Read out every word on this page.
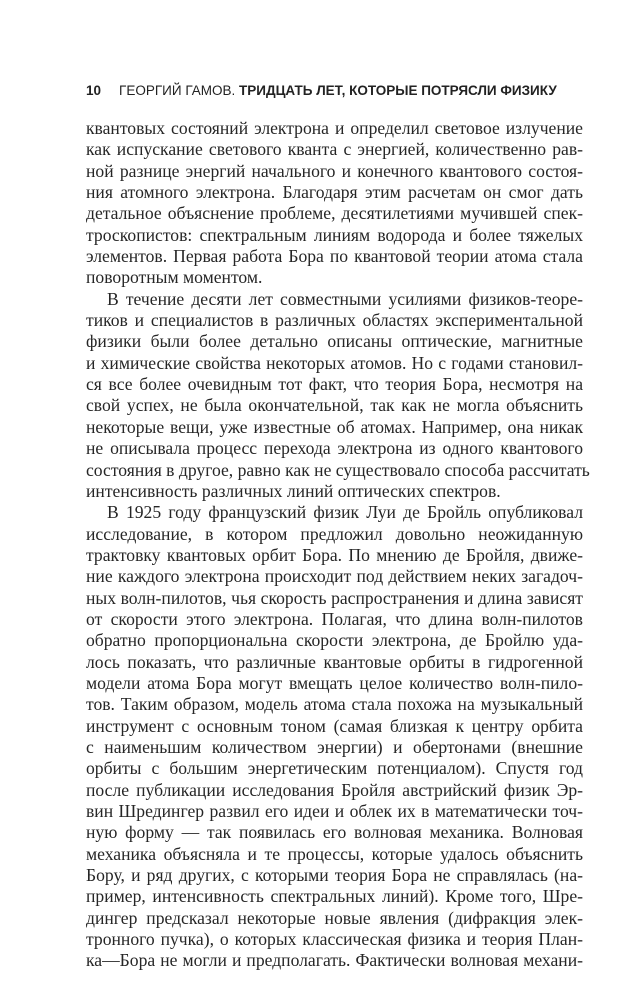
10 ГЕОРГИЙ ГАМОВ. ТРИДЦАТЬ ЛЕТ, КОТОРЫЕ ПОТРЯСЛИ ФИЗИКУ
квантовых состояний электрона и определил световое излучение
как испускание светового кванта с энергией, количественно рав-
ной разнице энергий начального и конечного квантового состоя-
ния атомного электрона. Благодаря этим расчетам он смог дать
детальное объяснение проблеме, десятилетиями мучившей спек-
троскопистов: спектральным линиям водорода и более тяжелых
элементов. Первая работа Бора по квантовой теории атома стала
поворотным моментом.
В течение десяти лет совместными усилиями физиков-теоре-
тиков и специалистов в различных областях экспериментальной
физики были более детально описаны оптические, магнитные
и химические свойства некоторых атомов. Но с годами становил-
ся все более очевидным тот факт, что теория Бора, несмотря на
свой успех, не была окончательной, так как не могла объяснить
некоторые вещи, уже известные об атомах. Например, она никак
не описывала процесс перехода электрона из одного квантового
состояния в другое, равно как не существовало способа рассчитать
интенсивность различных линий оптических спектров.
В 1925 году французский физик Луи де Бройль опубликовал
исследование, в котором предложил довольно неожиданную
трактовку квантовых орбит Бора. По мнению де Бройля, движе-
ние каждого электрона происходит под действием неких загадоч-
ных волн-пилотов, чья скорость распространения и длина зависят
от скорости этого электрона. Полагая, что длина волн-пилотов
обратно пропорциональна скорости электрона, де Бройлю уда-
лось показать, что различные квантовые орбиты в гидрогенной
модели атома Бора могут вмещать целое количество волн-пило-
тов. Таким образом, модель атома стала похожа на музыкальный
инструмент с основным тоном (самая близкая к центру орбита
с наименьшим количеством энергии) и обертонами (внешние
орбиты с большим энергетическим потенциалом). Спустя год
после публикации исследования Бройля австрийский физик Эр-
вин Шредингер развил его идеи и облек их в математически точ-
ную форму — так появилась его волновая механика. Волновая
механика объясняла и те процессы, которые удалось объяснить
Бору, и ряд других, с которыми теория Бора не справлялась (на-
пример, интенсивность спектральных линий). Кроме того, Шре-
дингер предсказал некоторые новые явления (дифракция элек-
тронного пучка), о которых классическая физика и теория План-
ка—Бора не могли и предполагать. Фактически волновая механи-
